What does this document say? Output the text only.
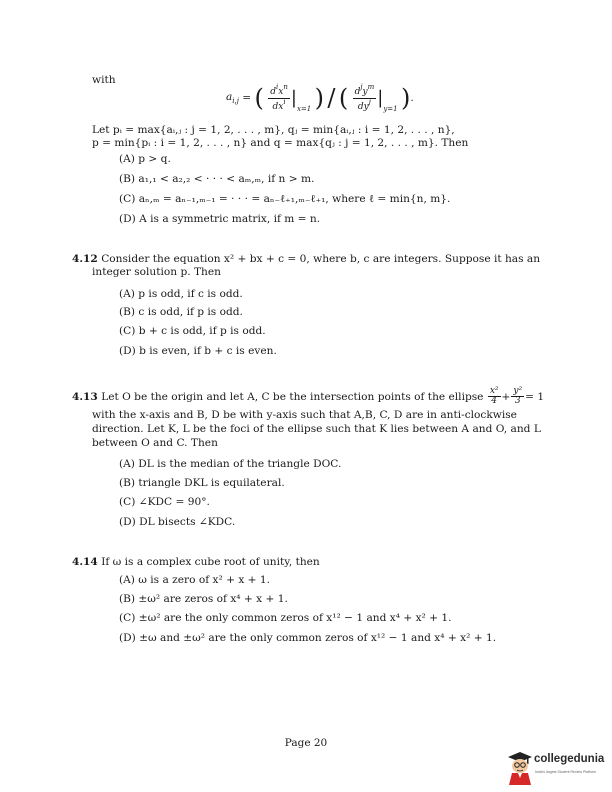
with
$a_{i,j}$ = ( $\frac{d^ix^n}{dx^i} |_{x=1}$ ) / ( $\frac{d^jy^m}{dy^j} |_{y=1}$ ).
Let pᵢ = max{aᵢ,ⱼ : j = 1, 2, . . . , m}, qⱼ = min{aᵢ,ⱼ : i = 1, 2, . . . , n},
p = min{pᵢ : i = 1, 2, . . . , n} and q = max{qⱼ : j = 1, 2, . . . , m}. Then
(A) p > q.
(B) a₁,₁ < a₂,₂ < · · · < aₘ,ₘ, if n > m.
(C) aₙ,ₘ = aₙ₋₁,ₘ₋₁ = · · · = aₙ₋ℓ₊₁,ₘ₋ℓ₊₁, where ℓ = min{n, m}.
(D) A is a symmetric matrix, if m = n.
4.12 Consider the equation x² + bx + c = 0, where b, c are integers. Suppose it has an
integer solution p. Then
(A) p is odd, if c is odd.
(B) c is odd, if p is odd.
(C) b + c is odd, if p is odd.
(D) b is even, if b + c is even.
4.13 Let O be the origin and let A, C be the intersection points of the ellipse $\frac{\text{x²}}{4} + \frac{\text{y²}}{3} = 1$
with the x-axis and B, D be with y-axis such that A,B, C, D are in anti-clockwise
direction. Let K, L be the foci of the ellipse such that K lies between A and O, and L
between O and C. Then
(A) DL is the median of the triangle DOC.
(B) triangle DKL is equilateral.
(C) ∠KDC = 90°.
(D) DL bisects ∠KDC.
4.14 If ω is a complex cube root of unity, then
(A) ω is a zero of x² + x + 1.
(B) ±ω² are zeros of x⁴ + x + 1.
(C) ±ω² are the only common zeros of x¹² − 1 and x⁴ + x² + 1.
(D) ±ω and ±ω² are the only common zeros of x¹² − 1 and x⁴ + x² + 1.
Page 20
collegedunia
India's largest Student Review Platform
